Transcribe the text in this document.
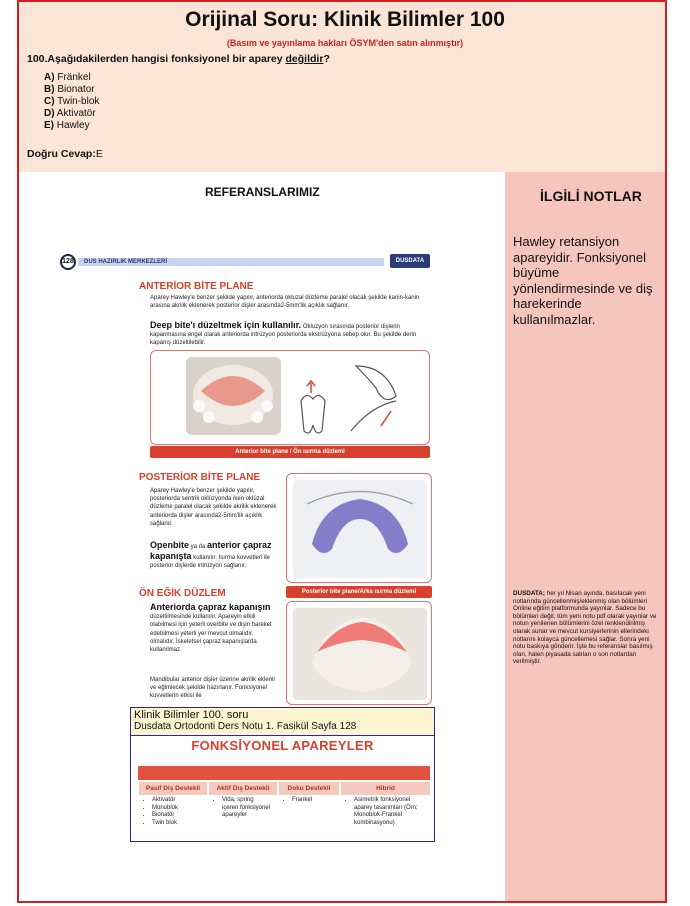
Orijinal Soru: Klinik Bilimler 100
(Basım ve yayınlama hakları ÖSYM'den satın alınmıştır)
100.Aşağıdakilerden hangisi fonksiyonel bir aparey değildir?
A) Fränkel
B) Bionator
C) Twin-blok
D) Aktivatör
E) Hawley
Doğru Cevap:E
REFERANSLARIMIZ	İLGİLİ NOTLAR
Hawley retansiyon apareyidir. Fonksiyonel büyüme yönlendirmesinde ve diş harekerinde kullanılmazlar.
DUSDATA; her yıl Nisan ayında, basılacak yeni notlarında güncellenmiş/eklenmiş olan bölümleri Online eğitim platformunda yayınlar. Sadece bu bölümleri değil, tüm yeni notu pdf olarak yayınlar ve notun yenilenen bölümlerini özel renklendirilmiş olarak sunar ve mevcut kursiyerlerinin ellerindeki notlarını kolayca güncellemesi sağlar. Sonra yeni notu baskıya gönderir. İşte bu referanslar basılmış olan, halen piyasada satılan o son notlardan verilmiştir.
128	DUS HAZIRLIK MERKEZLERİ	DUSDATA
ANTERİOR BİTE PLANE
Aparey Hawley'e benzer şekilde yapılır, anteriorda okluzal düzleme paralel olacak şekilde kanin-kanin arasına akrilik eklenerek posterior dişler arasında2-5mm'lik açıklık sağlanır.
Deep bite'ı düzeltmek için kullanılır. Okluzyon sırasında posterior dişlerin kapanmasına engel olarak anteriorda intrüzyon posteriorda ekstrüzyona sebep olur. Bu şekilde derin kapanış düzeltilebilir.
Anterior bite plane / Ön ısırma düzlemi
POSTERİOR BİTE PLANE
Aparey Hawley'e benzer şekilde yapılır, posteriorda sentrik oklüzyonda iken oklüzal düzleme paralel olacak şekilde akrilik eklenerek anteriorda dişler arasında2-5mm'lik açıklık sağlanır.
Openbite ya da anterior çapraz kapanışta kullanılır. Isırma kuvvetleri ile posterior dişlerde intrüzyon sağlanır.
Posterior bite plane/Arka ısırma düzlemi
ÖN EĞİK DÜZLEM
Anteriorda çapraz kapanışın düzeltilmesinde kullanılır. Apareyin etkili olabilmesi için yeterli overbite ve dişin hareket edebilmesi yeterli yer mevcut olmalıdır. olmalıdır. İskeletsel çapraz kapanışlarda kullanılmaz.
Mandibular anterior dişler üzerine akrilik eklenir ve eğimlecek şekilde hazırlanır. Fonksiyonel kuvvetlerin etkisi ile
Klinik Bilimler 100. soru
Dusdata Ortodonti Ders Notu 1. Fasikül Sayfa 128
FONKSİYONEL APAREYLER
Pasif Diş Destekli	Aktif Diş Destekli	Doku Destekli	Hibrid
• Aktivatör
• Monoblok
• Bionatör
• Twin blok
• Vida, spring içeren fonksiyonel apareyler
• Frankel
•	Asimetrik fonksiyonel aparey tasarımları (Örn; Monoblok-Frankel kombinasyonu)
